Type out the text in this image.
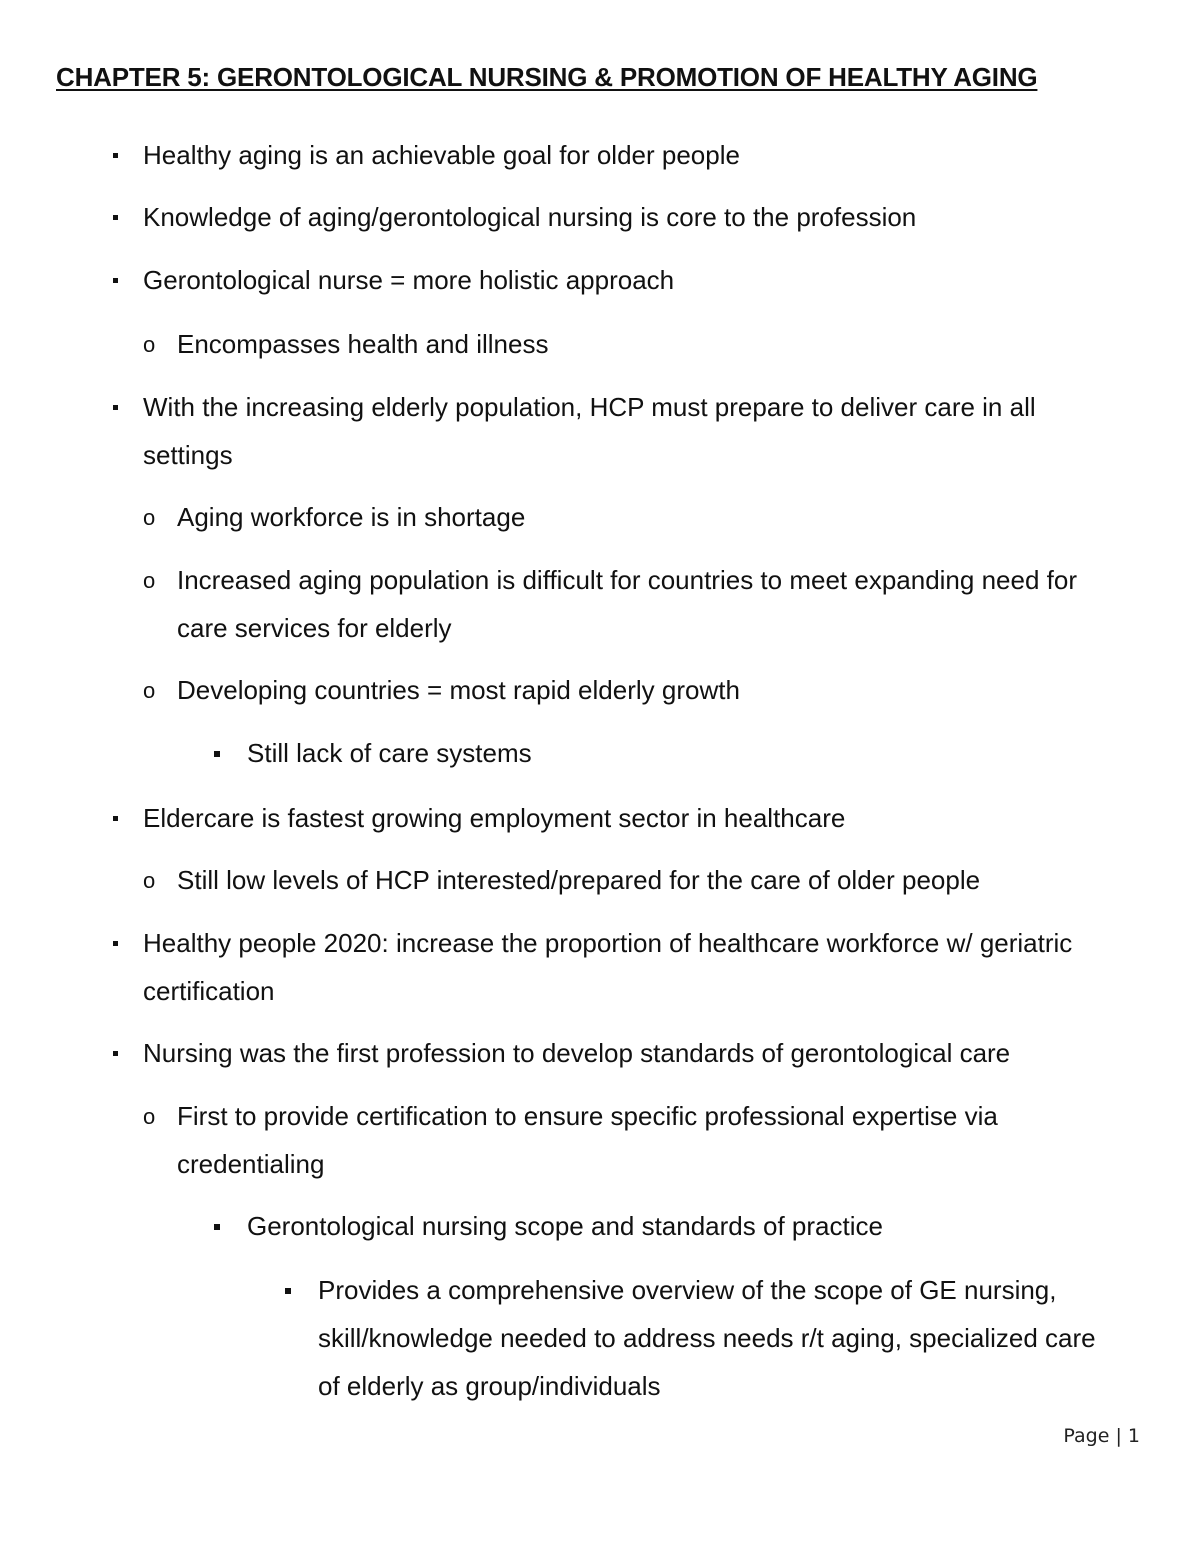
CHAPTER 5: GERONTOLOGICAL NURSING & PROMOTION OF HEALTHY AGING
Healthy aging is an achievable goal for older people
Knowledge of aging/gerontological nursing is core to the profession
Gerontological nurse = more holistic approach
o Encompasses health and illness
With the increasing elderly population, HCP must prepare to deliver care in all
settings
o Aging workforce is in shortage
o Increased aging population is difficult for countries to meet expanding need for
care services for elderly
o Developing countries = most rapid elderly growth
Still lack of care systems
Eldercare is fastest growing employment sector in healthcare
o Still low levels of HCP interested/prepared for the care of older people
Healthy people 2020: increase the proportion of healthcare workforce w/ geriatric
certification
Nursing was the first profession to develop standards of gerontological care
o First to provide certification to ensure specific professional expertise via
credentialing
Gerontological nursing scope and standards of practice
Provides a comprehensive overview of the scope of GE nursing,
skill/knowledge needed to address needs r/t aging, specialized care
of elderly as group/individuals
Page | 1
